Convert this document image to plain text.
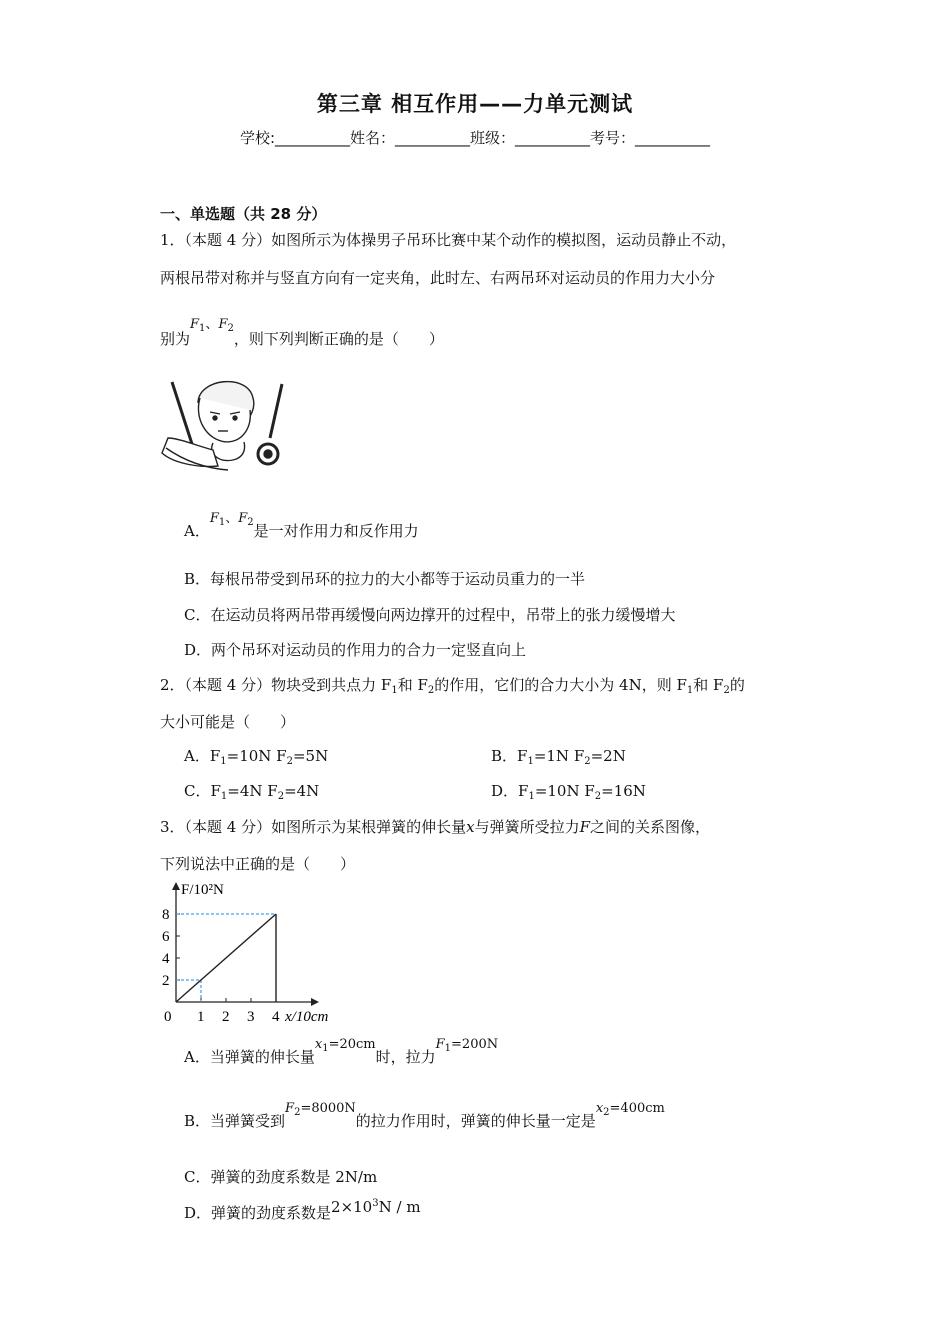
第三章 相互作用——力单元测试
学校:__________姓名：__________班级：__________考号：__________
一、单选题（共 28 分）
1．（本题 4 分）如图所示为体操男子吊环比赛中某个动作的模拟图，运动员静止不动，
两根吊带对称并与竖直方向有一定夹角，此时左、右两吊环对运动员的作用力大小分
别为$F_1$、$F_2$，则下列判断正确的是（　　）
A．$F_1$、$F_2$是一对作用力和反作用力
B．每根吊带受到吊环的拉力的大小都等于运动员重力的一半
C．在运动员将两吊带再缓慢向两边撑开的过程中，吊带上的张力缓慢增大
D．两个吊环对运动员的作用力的合力一定竖直向上
2．（本题 4 分）物块受到共点力 $F_1$和 $F_2$的作用，它们的合力大小为 4N，则 $F_1$和 $F_2$的
大小可能是（　　）
A．$F_1=10N$ $F_2=5N$	B．$F_1=1N$ $F_2=2N$
C．$F_1=4N$ $F_2=4N$	D．$F_1=10N$ $F_2=16N$
3．（本题 4 分）如图所示为某根弹簧的伸长量x与弹簧所受拉力F之间的关系图像，
下列说法中正确的是（　　）
F/10²N
x/10cm
0 1 2 3 4
2
4
6
8
A．当弹簧的伸长量$x_1=20cm$时，拉力$F_1=200N$
B．当弹簧受到$F_2=8000N$的拉力作用时，弹簧的伸长量一定是$x_2=400cm$
C．弹簧的劲度系数是 2N/m
D．弹簧的劲度系数是$2\times 10^3N / m$
